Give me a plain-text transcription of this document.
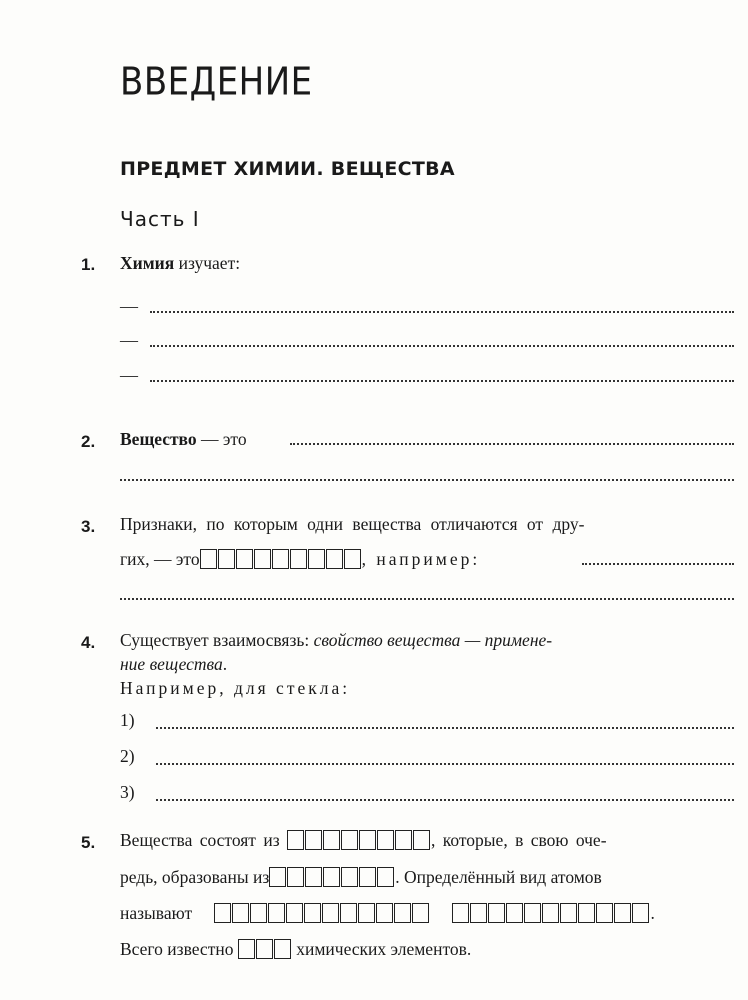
ВВЕДЕНИЕ
ПРЕДМЕТ ХИМИИ. ВЕЩЕСТВА
Часть I
1. Химия изучает:
—
—
—
2. Вещество — это
3. Признаки, по которым одни вещества отличаются от дру-
гих, — это	, например:
4. Существует взаимосвязь: свойство вещества — примене-
ние вещества.
Например, для стекла:
1)
2)
3)
5. Вещества состоят из	, которые, в свою оче-
редь, образованы из	. Определённый вид атомов
называют	.
Всего известно	химических элементов.
